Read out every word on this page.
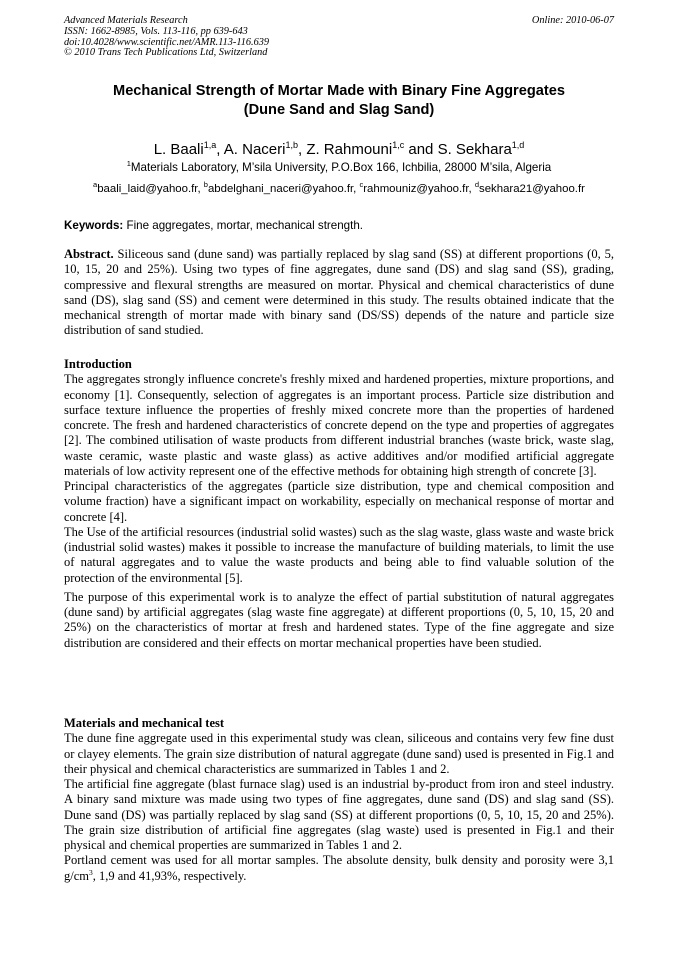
Advanced Materials Research
ISSN: 1662-8985, Vols. 113-116, pp 639-643
doi:10.4028/www.scientific.net/AMR.113-116.639
© 2010 Trans Tech Publications Ltd, Switzerland
Online: 2010-06-07
Mechanical Strength of Mortar Made with Binary Fine Aggregates
(Dune Sand and Slag Sand)
L. Baali$^{1,a}$, A. Naceri$^{1,b}$, Z. Rahmouni$^{1,c}$ and S. Sekhara$^{1,d}$
$^1$Materials Laboratory, M’sila University, P.O.Box 166, Ichbilia, 28000 M’sila, Algeria
$^a$baali_laid@yahoo.fr, $^b$abdelghani_naceri@yahoo.fr, $^c$rahmouniz@yahoo.fr, $^d$sekhara21@yahoo.fr
Keywords: Fine aggregates, mortar, mechanical strength.

Abstract. Siliceous sand (dune sand) was partially replaced by slag sand (SS) at different proportions (0, 5, 10, 15, 20 and 25%). Using two types of fine aggregates, dune sand (DS) and slag sand (SS), grading, compressive and flexural strengths are measured on mortar. Physical and chemical characteristics of dune sand (DS), slag sand (SS) and cement were determined in this study. The results obtained indicate that the mechanical strength of mortar made with binary sand (DS/SS) depends of the nature and particle size distribution of sand studied.

Introduction

The aggregates strongly influence concrete's freshly mixed and hardened properties, mixture proportions, and economy [1]. Consequently, selection of aggregates is an important process. Particle size distribution and surface texture influence the properties of freshly mixed concrete more than the properties of hardened concrete. The fresh and hardened characteristics of concrete depend on the type and properties of aggregates [2]. The combined utilisation of waste products from different industrial branches (waste brick, waste slag, waste ceramic, waste plastic and waste glass) as active additives and/or modified artificial aggregate materials of low activity represent one of the effective methods for obtaining high strength of concrete [3].

Principal characteristics of the aggregates (particle size distribution, type and chemical composition and volume fraction) have a significant impact on workability, especially on mechanical response of mortar and concrete [4].

The Use of the artificial resources (industrial solid wastes) such as the slag waste, glass waste and waste brick (industrial solid wastes) makes it possible to increase the manufacture of building materials, to limit the use of natural aggregates and to value the waste products and being able to find valuable solution of the protection of the environmental [5].

The purpose of this experimental work is to analyze the effect of partial substitution of natural aggregates (dune sand) by artificial aggregates (slag waste fine aggregate) at different proportions (0, 5, 10, 15, 20 and 25%) on the characteristics of mortar at fresh and hardened states. Type of the fine aggregate and size distribution are considered and their effects on mortar mechanical properties have been studied.

Materials and mechanical test

The dune fine aggregate used in this experimental study was clean, siliceous and contains very few fine dust or clayey elements. The grain size distribution of natural aggregate (dune sand) used is presented in Fig.1 and their physical and chemical characteristics are summarized in Tables 1 and 2.

The artificial fine aggregate (blast furnace slag) used is an industrial by-product from iron and steel industry. A binary sand mixture was made using two types of fine aggregates, dune sand (DS) and slag sand (SS). Dune sand (DS) was partially replaced by slag sand (SS) at different proportions (0, 5, 10, 15, 20 and 25%). The grain size distribution of artificial fine aggregates (slag waste) used is presented in Fig.1 and their physical and chemical properties are summarized in Tables 1 and 2.

Portland cement was used for all mortar samples. The absolute density, bulk density and porosity were 3,1 $g/cm^3$, 1,9 and 41,93%, respectively.
